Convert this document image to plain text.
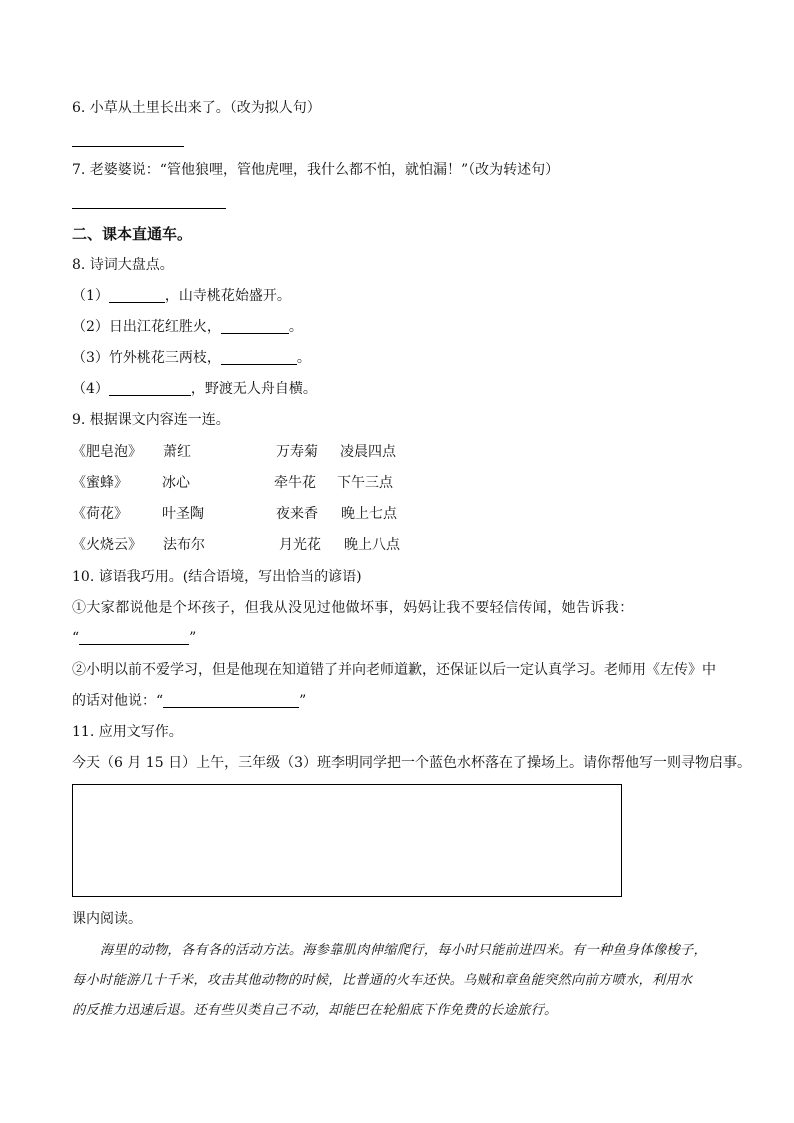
6. 小草从土里长出来了。（改为拟人句）
7. 老婆婆说：“管他狼哩，管他虎哩，我什么都不怕，就怕漏！”（改为转述句）
二、课本直通车。
8. 诗词大盘点。
（1）	，山寺桃花始盛开。
（2）日出江花红胜火，	。
（3）竹外桃花三两枝，	。
（4）	，野渡无人舟自横。
9. 根据课文内容连一连。
《肥皂泡》 萧红	万寿菊 凌晨四点
《蜜蜂》 冰心	牵牛花 下午三点
《荷花》 叶圣陶	夜来香 晚上七点
《火烧云》 法布尔	月光花 晚上八点
10. 谚语我巧用。(结合语境，写出恰当的谚语)
①大家都说他是个坏孩子，但我从没见过他做坏事，妈妈让我不要轻信传闻，她告诉我：
“	”
②小明以前不爱学习，但是他现在知道错了并向老师道歉，还保证以后一定认真学习。老师用《左传》中
的话对他说：“	”
11. 应用文写作。
今天（6 月 15 日）上午，三年级（3）班李明同学把一个蓝色水杯落在了操场上。请你帮他写一则寻物启事。
课内阅读。

海里的动物，各有各的活动方法。海参靠肌肉伸缩爬行，每小时只能前进四米。有一种鱼身体像梭子，

每小时能游几十千米，攻击其他动物的时候，比普通的火车还快。乌贼和章鱼能突然向前方喷水，利用水
的反推力迅速后退。还有些贝类自己不动，却能巴在轮船底下作免费的长途旅行。
